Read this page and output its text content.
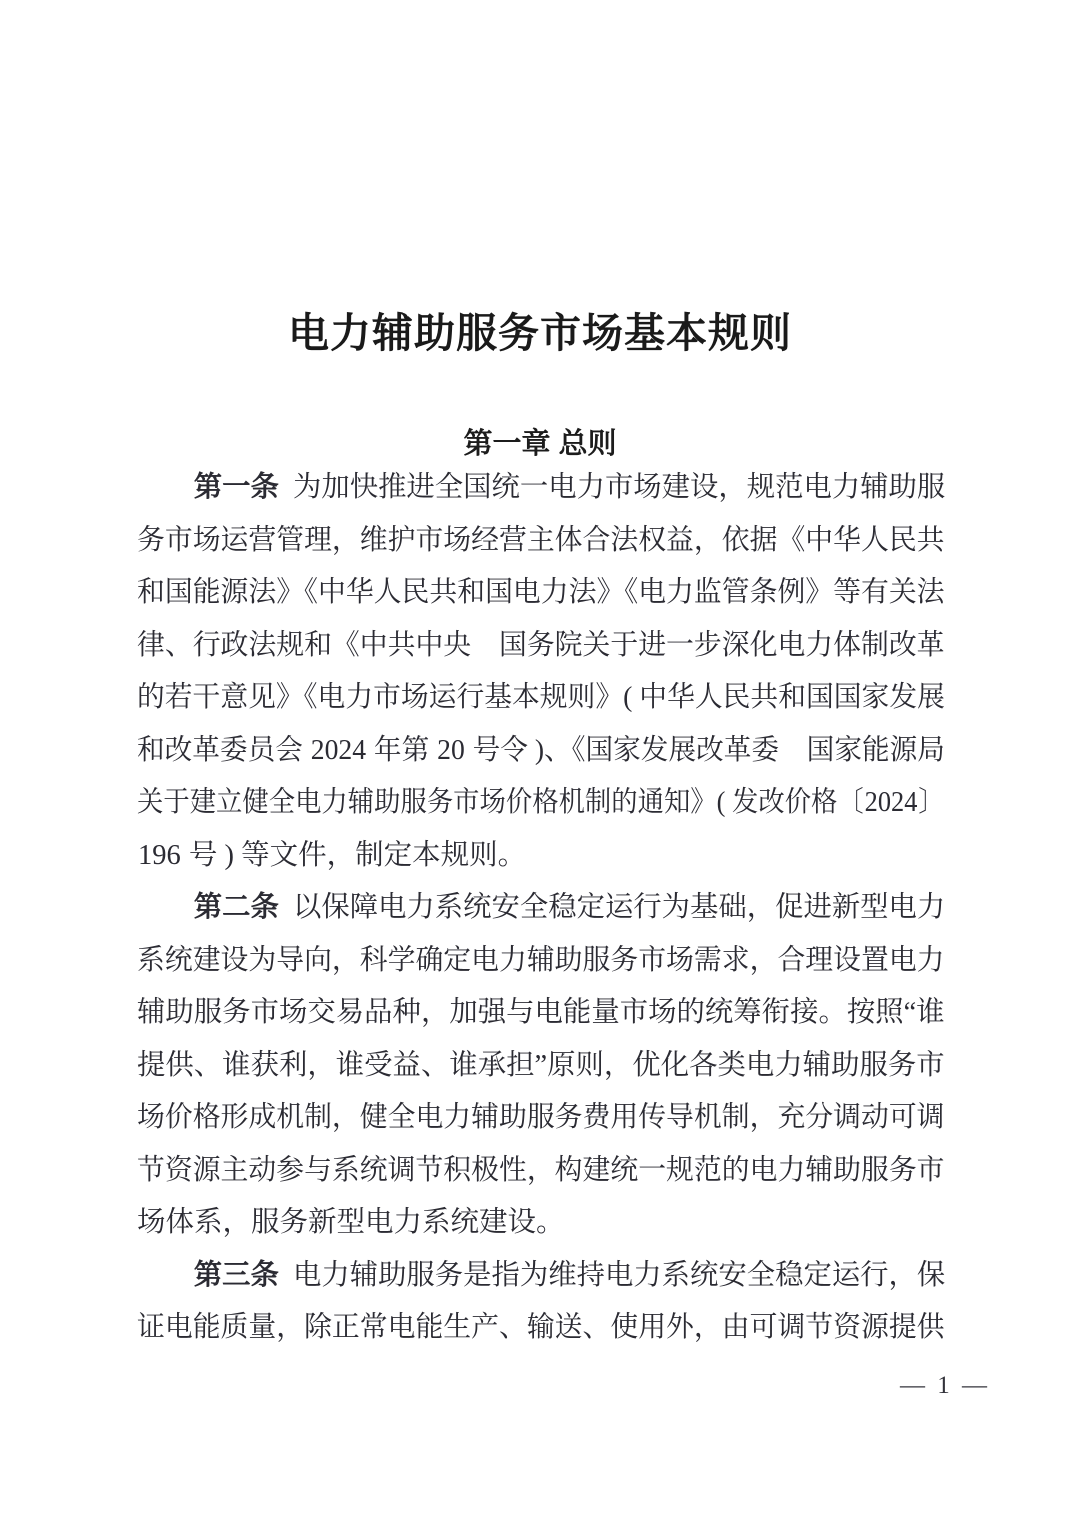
电力辅助服务市场基本规则
第一章 总则
第一条  为加快推进全国统一电力市场建设，规范电力辅助服
务市场运营管理，维护市场经营主体合法权益，依据《中华人民共
和国能源法》《中华人民共和国电力法》《电力监管条例》等有关法
律、行政法规和《中共中央　国务院关于进一步深化电力体制改革
的若干意见》《电力市场运行基本规则》( 中华人民共和国国家发展
和改革委员会 2024 年第 20 号令 )、《国家发展改革委　国家能源局
关于建立健全电力辅助服务市场价格机制的通知》( 发改价格〔2024〕
196 号 ) 等文件，制定本规则。
第二条  以保障电力系统安全稳定运行为基础，促进新型电力
系统建设为导向，科学确定电力辅助服务市场需求，合理设置电力
辅助服务市场交易品种，加强与电能量市场的统筹衔接。按照“谁
提供、谁获利，谁受益、谁承担”原则，优化各类电力辅助服务市
场价格形成机制，健全电力辅助服务费用传导机制，充分调动可调
节资源主动参与系统调节积极性，构建统一规范的电力辅助服务市
场体系，服务新型电力系统建设。
第三条  电力辅助服务是指为维持电力系统安全稳定运行，保
证电能质量，除正常电能生产、输送、使用外，由可调节资源提供
— 1 —
